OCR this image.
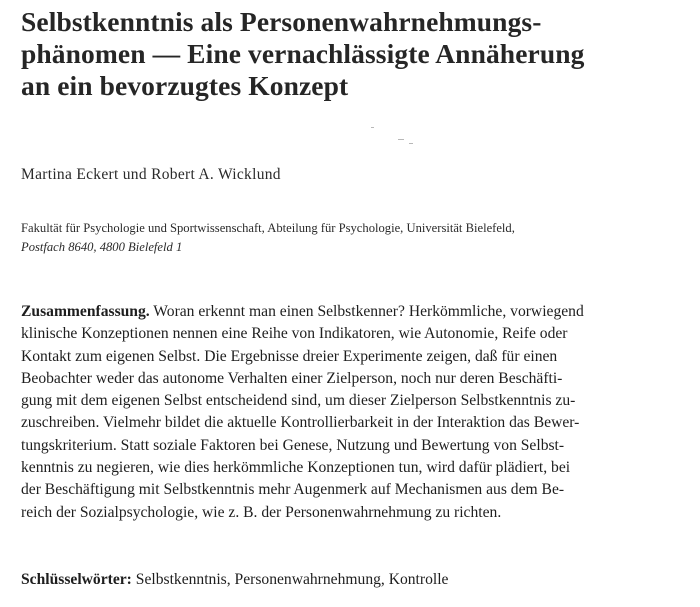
Selbstkenntnis als Personenwahrnehmungs-
phänomen — Eine vernachlässigte Annäherung
an ein bevorzugtes Konzept
Martina Eckert und Robert A. Wicklund
Fakultät für Psychologie und Sportwissenschaft, Abteilung für Psychologie, Universität Bielefeld,
Postfach 8640, 4800 Bielefeld 1
Zusammenfassung. Woran erkennt man einen Selbstkenner? Herkömmliche, vorwiegend
klinische Konzeptionen nennen eine Reihe von Indikatoren, wie Autonomie, Reife oder
Kontakt zum eigenen Selbst. Die Ergebnisse dreier Experimente zeigen, daß für einen
Beobachter weder das autonome Verhalten einer Zielperson, noch nur deren Beschäfti-
gung mit dem eigenen Selbst entscheidend sind, um dieser Zielperson Selbstkenntnis zu-
zuschreiben. Vielmehr bildet die aktuelle Kontrollierbarkeit in der Interaktion das Bewer-
tungskriterium. Statt soziale Faktoren bei Genese, Nutzung und Bewertung von Selbst-
kenntnis zu negieren, wie dies herkömmliche Konzeptionen tun, wird dafür plädiert, bei
der Beschäftigung mit Selbstkenntnis mehr Augenmerk auf Mechanismen aus dem Be-
reich der Sozialpsychologie, wie z. B. der Personenwahrnehmung zu richten.
Schlüsselwörter: Selbstkenntnis, Personenwahrnehmung, Kontrolle
